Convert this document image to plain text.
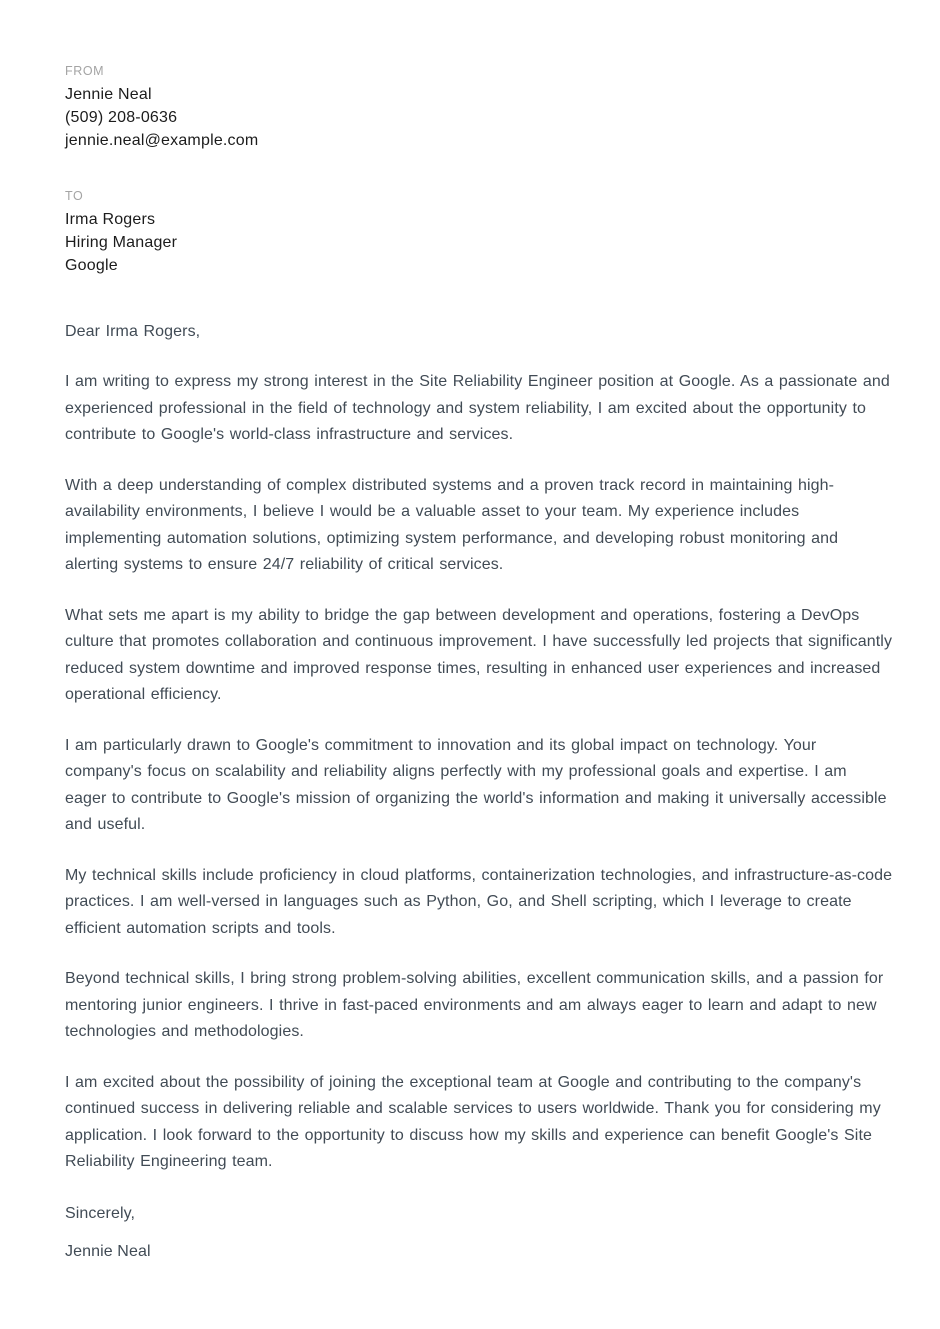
FROM
Jennie Neal
(509) 208-0636
jennie.neal@example.com
TO
Irma Rogers
Hiring Manager
Google

Dear Irma Rogers,

I am writing to express my strong interest in the Site Reliability Engineer position at Google. As a passionate and experienced professional in the field of technology and system reliability, I am excited about the opportunity to contribute to Google's world-class infrastructure and services.

With a deep understanding of complex distributed systems and a proven track record in maintaining high-availability environments, I believe I would be a valuable asset to your team. My experience includes implementing automation solutions, optimizing system performance, and developing robust monitoring and alerting systems to ensure 24/7 reliability of critical services.

What sets me apart is my ability to bridge the gap between development and operations, fostering a DevOps culture that promotes collaboration and continuous improvement. I have successfully led projects that significantly reduced system downtime and improved response times, resulting in enhanced user experiences and increased operational efficiency.

I am particularly drawn to Google's commitment to innovation and its global impact on technology. Your company's focus on scalability and reliability aligns perfectly with my professional goals and expertise. I am eager to contribute to Google's mission of organizing the world's information and making it universally accessible and useful.

My technical skills include proficiency in cloud platforms, containerization technologies, and infrastructure-as-code practices. I am well-versed in languages such as Python, Go, and Shell scripting, which I leverage to create efficient automation scripts and tools.

Beyond technical skills, I bring strong problem-solving abilities, excellent communication skills, and a passion for mentoring junior engineers. I thrive in fast-paced environments and am always eager to learn and adapt to new technologies and methodologies.

I am excited about the possibility of joining the exceptional team at Google and contributing to the company's continued success in delivering reliable and scalable services to users worldwide. Thank you for considering my application. I look forward to the opportunity to discuss how my skills and experience can benefit Google's Site Reliability Engineering team.

Sincerely,

Jennie Neal
